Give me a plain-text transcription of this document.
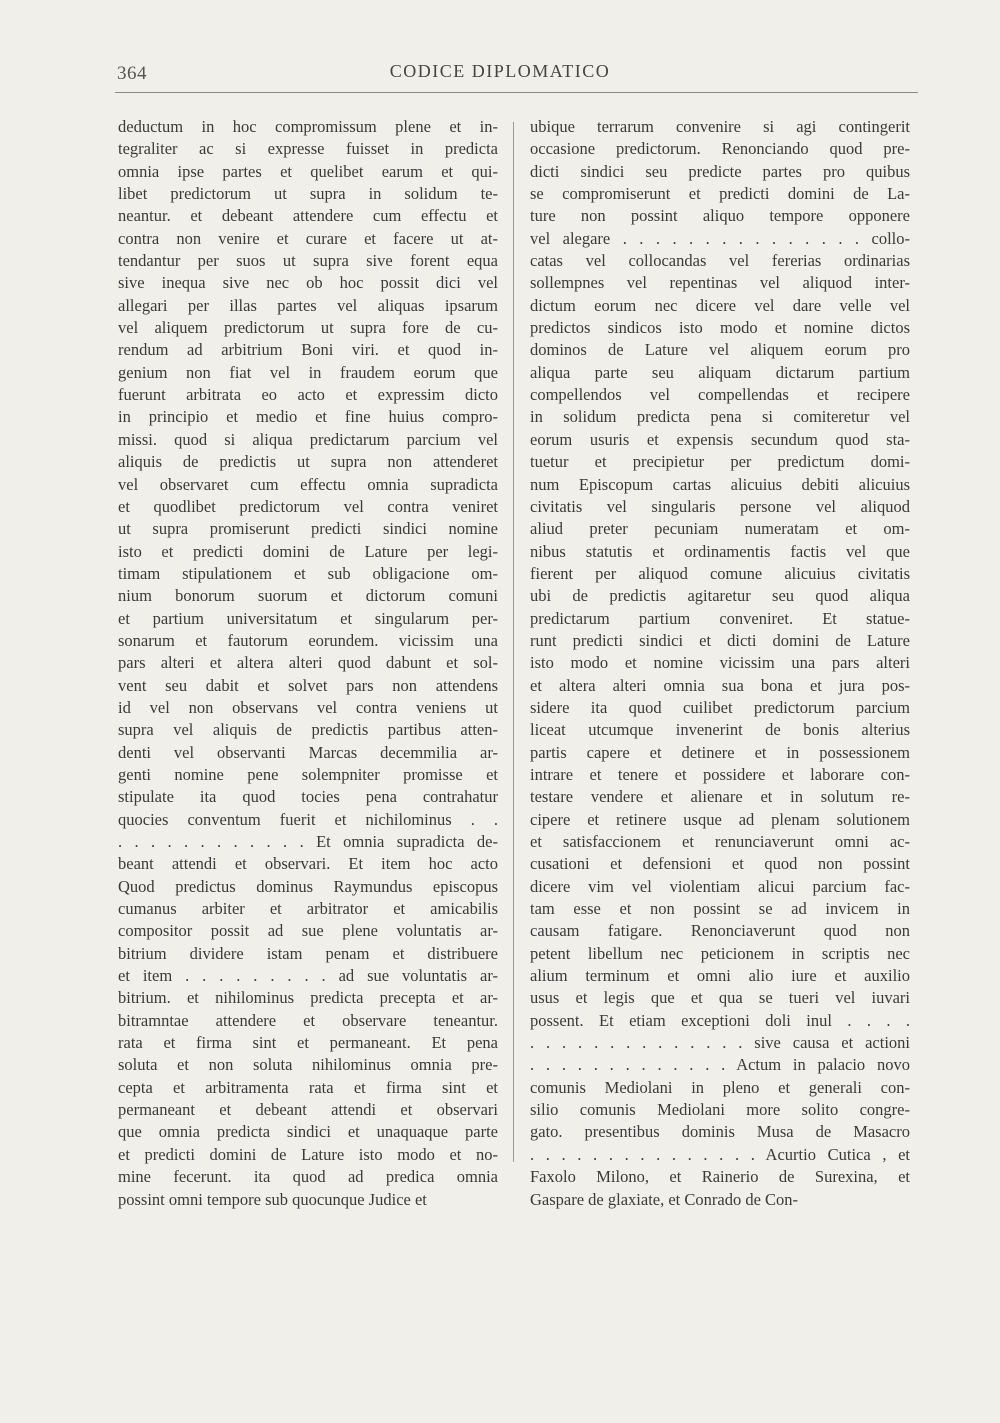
364	CODICE DIPLOMATICO
deductum in hoc compromissum plene et in-
tegraliter ac si expresse fuisset in predicta
omnia ipse partes et quelibet earum et qui-
libet predictorum ut supra in solidum te-
neantur. et debeant attendere cum effectu et
contra non venire et curare et facere ut at-
tendantur per suos ut supra sive forent equa
sive inequa sive nec ob hoc possit dici vel
allegari per illas partes vel aliquas ipsarum
vel aliquem predictorum ut supra fore de cu-
rendum ad arbitrium Boni viri. et quod in-
genium non fiat vel in fraudem eorum que
fuerunt arbitrata eo acto et expressim dicto
in principio et medio et fine huius compro-
missi. quod si aliqua predictarum parcium vel
aliquis de predictis ut supra non attenderet
vel observaret cum effectu omnia supradicta
et quodlibet predictorum vel contra veniret
ut supra promiserunt predicti sindici nomine
isto et predicti domini de Lature per legi-
timam stipulationem et sub obligacione om-
nium bonorum suorum et dictorum comuni
et partium universitatum et singularum per-
sonarum et fautorum eorundem. vicissim una
pars alteri et altera alteri quod dabunt et sol-
vent seu dabit et solvet pars non attendens
id vel non observans vel contra veniens ut
supra vel aliquis de predictis partibus atten-
denti vel observanti Marcas decemmilia ar-
genti nomine pene solempniter promisse et
stipulate ita quod tocies pena contrahatur
quocies conventum fuerit et nichilominus . .
. . . . . . . . . . . . Et omnia supradicta de-
beant attendi et observari. Et item hoc acto
Quod predictus dominus Raymundus episcopus
cumanus arbiter et arbitrator et amicabilis
compositor possit ad sue plene voluntatis ar-
bitrium dividere istam penam et distribuere
et item . . . . . . . . . ad sue voluntatis ar-
bitrium. et nihilominus predicta precepta et ar-
bitramntae attendere et observare teneantur.
rata et firma sint et permaneant. Et pena
soluta et non soluta nihilominus omnia pre-
cepta et arbitramenta rata et firma sint et
permaneant et debeant attendi et observari
que omnia predicta sindici et unaquaque parte
et predicti domini de Lature isto modo et no-
mine fecerunt. ita quod ad predica omnia
possint omni tempore sub quocunque Judice et
ubique terrarum convenire si agi contingerit
occasione predictorum. Renonciando quod pre-
dicti sindici seu predicte partes pro quibus
se compromiserunt et predicti domini de La-
ture non possint aliquo tempore opponere
vel alegare . . . . . . . . . . . . . . . collo-
catas vel collocandas vel fererias ordinarias
sollempnes vel repentinas vel aliquod inter-
dictum eorum nec dicere vel dare velle vel
predictos sindicos isto modo et nomine dictos
dominos de Lature vel aliquem eorum pro
aliqua parte seu aliquam dictarum partium
compellendos vel compellendas et recipere
in solidum predicta pena si comiteretur vel
eorum usuris et expensis secundum quod sta-
tuetur et precipietur per predictum domi-
num Episcopum cartas alicuius debiti alicuius
civitatis vel singularis persone vel aliquod
aliud preter pecuniam numeratam et om-
nibus statutis et ordinamentis factis vel que
fierent per aliquod comune alicuius civitatis
ubi de predictis agitaretur seu quod aliqua
predictarum partium conveniret. Et statue-
runt predicti sindici et dicti domini de Lature
isto modo et nomine vicissim una pars alteri
et altera alteri omnia sua bona et jura pos-
sidere ita quod cuilibet predictorum parcium
liceat utcumque invenerint de bonis alterius
partis capere et detinere et in possessionem
intrare et tenere et possidere et laborare con-
testare vendere et alienare et in solutum re-
cipere et retinere usque ad plenam solutionem
et satisfaccionem et renunciaverunt omni ac-
cusationi et defensioni et quod non possint
dicere vim vel violentiam alicui parcium fac-
tam esse et non possint se ad invicem in
causam fatigare. Renonciaverunt quod non
petent libellum nec peticionem in scriptis nec
alium terminum et omni alio iure et auxilio
usus et legis que et qua se tueri vel iuvari
possent. Et etiam exceptioni doli inul . . . .
. . . . . . . . . . . . . . sive causa et actioni
. . . . . . . . . . . . . Actum in palacio novo
comunis Mediolani in pleno et generali con-
silio comunis Mediolani more solito congre-
gato. presentibus dominis Musa de Masacro
. . . . . . . . . . . . . . . Acurtio Cutica , et
Faxolo Milono, et Rainerio de Surexina, et
Gaspare de glaxiate, et Conrado de Con-
